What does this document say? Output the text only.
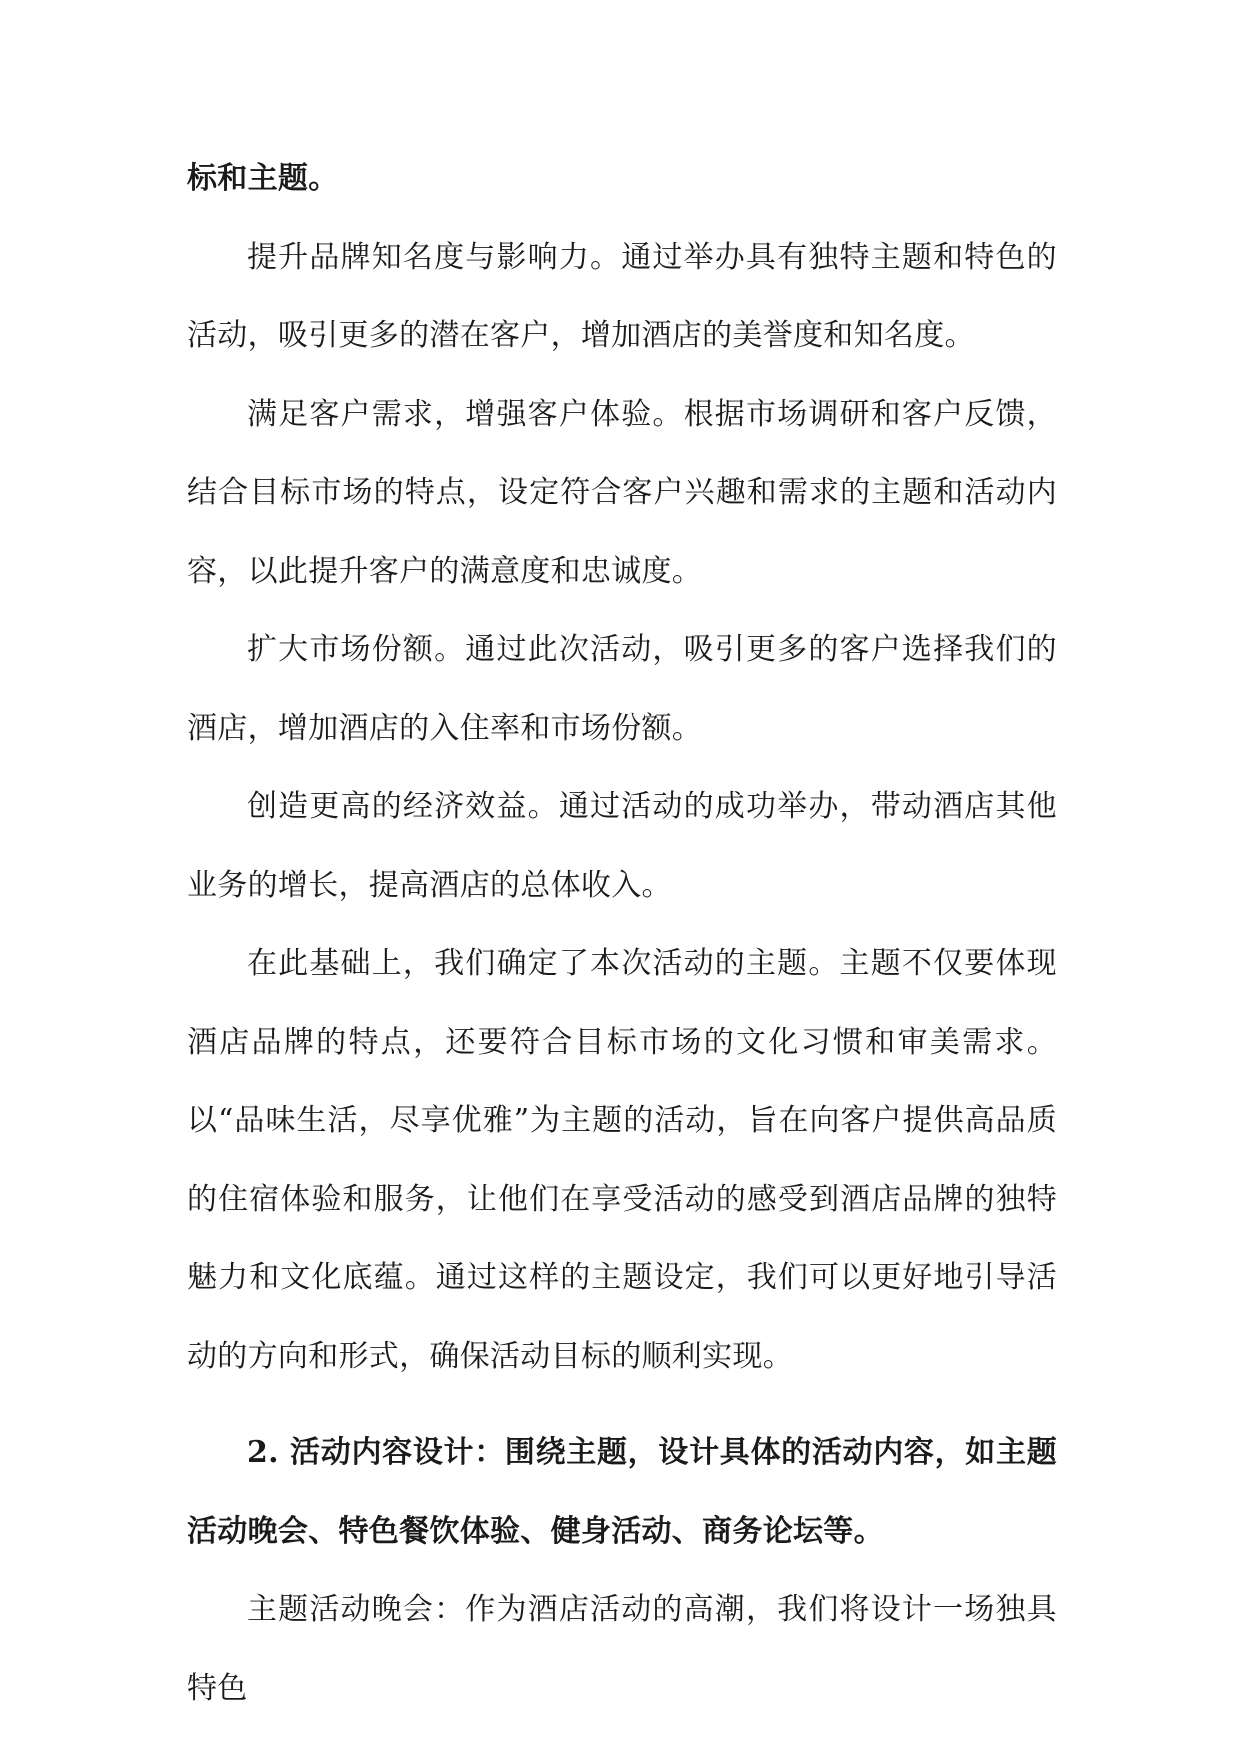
标和主题。

提升品牌知名度与影响力。通过举办具有独特主题和特色的活动，吸引更多的潜在客户，增加酒店的美誉度和知名度。

满足客户需求，增强客户体验。根据市场调研和客户反馈，结合目标市场的特点，设定符合客户兴趣和需求的主题和活动内容，以此提升客户的满意度和忠诚度。

扩大市场份额。通过此次活动，吸引更多的客户选择我们的酒店，增加酒店的入住率和市场份额。

创造更高的经济效益。通过活动的成功举办，带动酒店其他业务的增长，提高酒店的总体收入。

在此基础上，我们确定了本次活动的主题。主题不仅要体现酒店品牌的特点，还要符合目标市场的文化习惯和审美需求。以“品味生活，尽享优雅”为主题的活动，旨在向客户提供高品质的住宿体验和服务，让他们在享受活动的感受到酒店品牌的独特魅力和文化底蕴。通过这样的主题设定，我们可以更好地引导活动的方向和形式，确保活动目标的顺利实现。

2. 活动内容设计：围绕主题，设计具体的活动内容，如主题活动晚会、特色餐饮体验、健身活动、商务论坛等。

主题活动晚会：作为酒店活动的高潮，我们将设计一场独具特色
